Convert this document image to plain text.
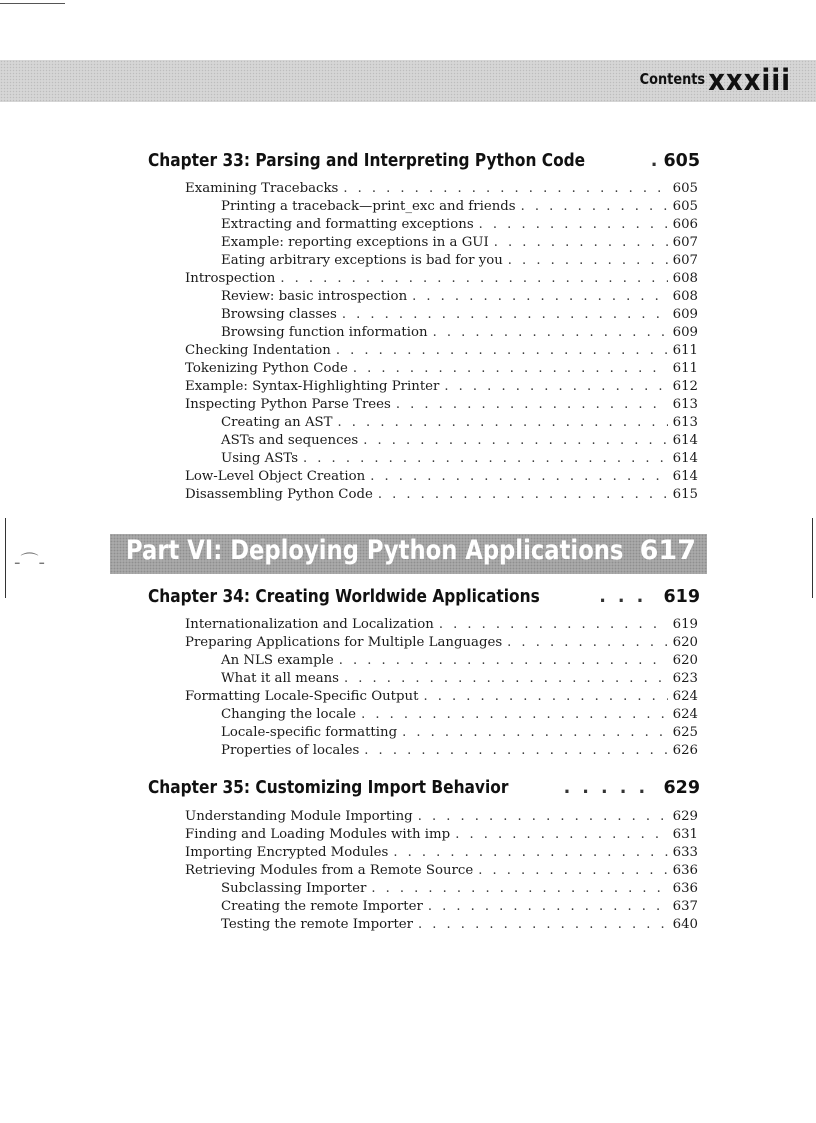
Contents xxxiii
-⌒-
Chapter 33: Parsing and Interpreting Python Code . . .	605
Examining Tracebacks . . .	605
Printing a traceback—print_exc and friends . . .	605
Extracting and formatting exceptions . . .	606
Example: reporting exceptions in a GUI . . .	607
Eating arbitrary exceptions is bad for you . . .	607
Introspection . . .	608
Review: basic introspection . . .	608
Browsing classes . . .	609
Browsing function information . . .	609
Checking Indentation . . .	611
Tokenizing Python Code . . .	611
Example: Syntax-Highlighting Printer . . .	612
Inspecting Python Parse Trees . . .	613
Creating an AST . . .	613
ASTs and sequences . . .	614
Using ASTs . . .	614
Low-Level Object Creation . . .	614
Disassembling Python Code . . .	615
Part VI: Deploying Python Applications 617
Chapter 34: Creating Worldwide Applications . . .	619
Internationalization and Localization . . .	619
Preparing Applications for Multiple Languages . . .	620
An NLS example . . .	620
What it all means . . .	623
Formatting Locale-Specific Output . . .	624
Changing the locale . . .	624
Locale-specific formatting . . .	625
Properties of locales . . .	626
Chapter 35: Customizing Import Behavior . . .	629
Understanding Module Importing . . .	629
Finding and Loading Modules with imp . . .	631
Importing Encrypted Modules . . .	633
Retrieving Modules from a Remote Source . . .	636
Subclassing Importer . . .	636
Creating the remote Importer . . .	637
Testing the remote Importer . . .	640
